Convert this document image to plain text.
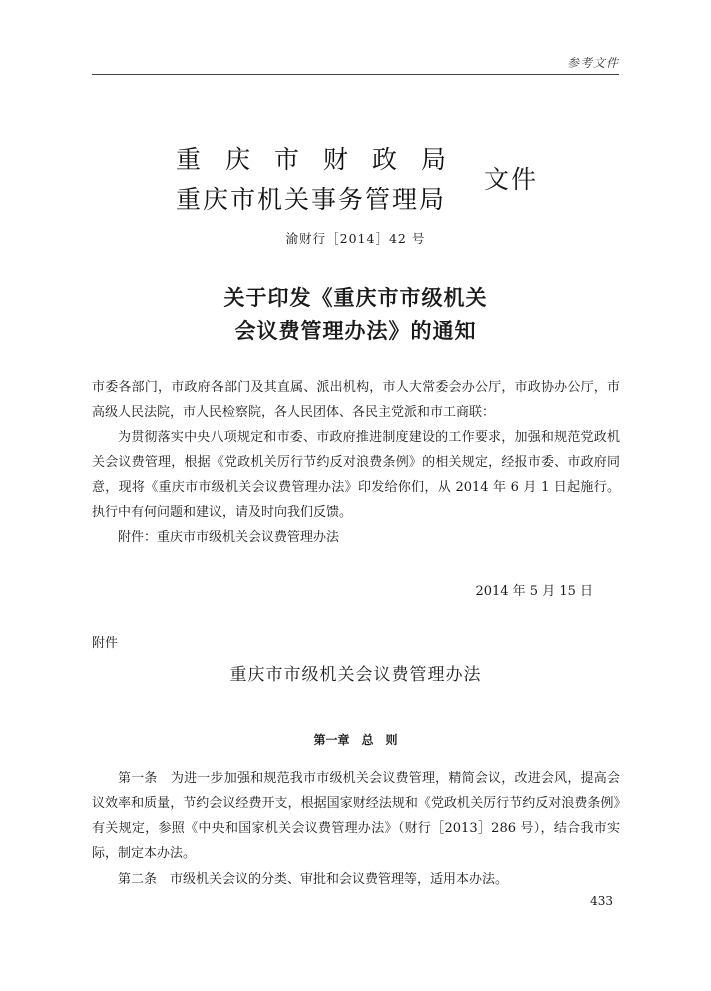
参考文件
重庆市财政局
重庆市机关事务管理局
文件
渝财行［2014］42 号
关于印发《重庆市市级机关
会议费管理办法》的通知
市委各部门，市政府各部门及其直属、派出机构，市人大常委会办公厅，市政协办公厅，市高级人民法院，市人民检察院，各人民团体、各民主党派和市工商联：
为贯彻落实中央八项规定和市委、市政府推进制度建设的工作要求，加强和规范党政机关会议费管理，根据《党政机关厉行节约反对浪费条例》的相关规定，经报市委、市政府同意，现将《重庆市市级机关会议费管理办法》印发给你们，从 2014 年 6 月 1 日起施行。执行中有何问题和建议，请及时向我们反馈。
附件：重庆市市级机关会议费管理办法
2014 年 5 月 15 日
附件
重庆市市级机关会议费管理办法
第一章　总　则
第一条　为进一步加强和规范我市市级机关会议费管理，精简会议，改进会风，提高会议效率和质量，节约会议经费开支，根据国家财经法规和《党政机关厉行节约反对浪费条例》有关规定，参照《中央和国家机关会议费管理办法》（财行［2013］286 号），结合我市实际，制定本办法。
第二条　市级机关会议的分类、审批和会议费管理等，适用本办法。
433
